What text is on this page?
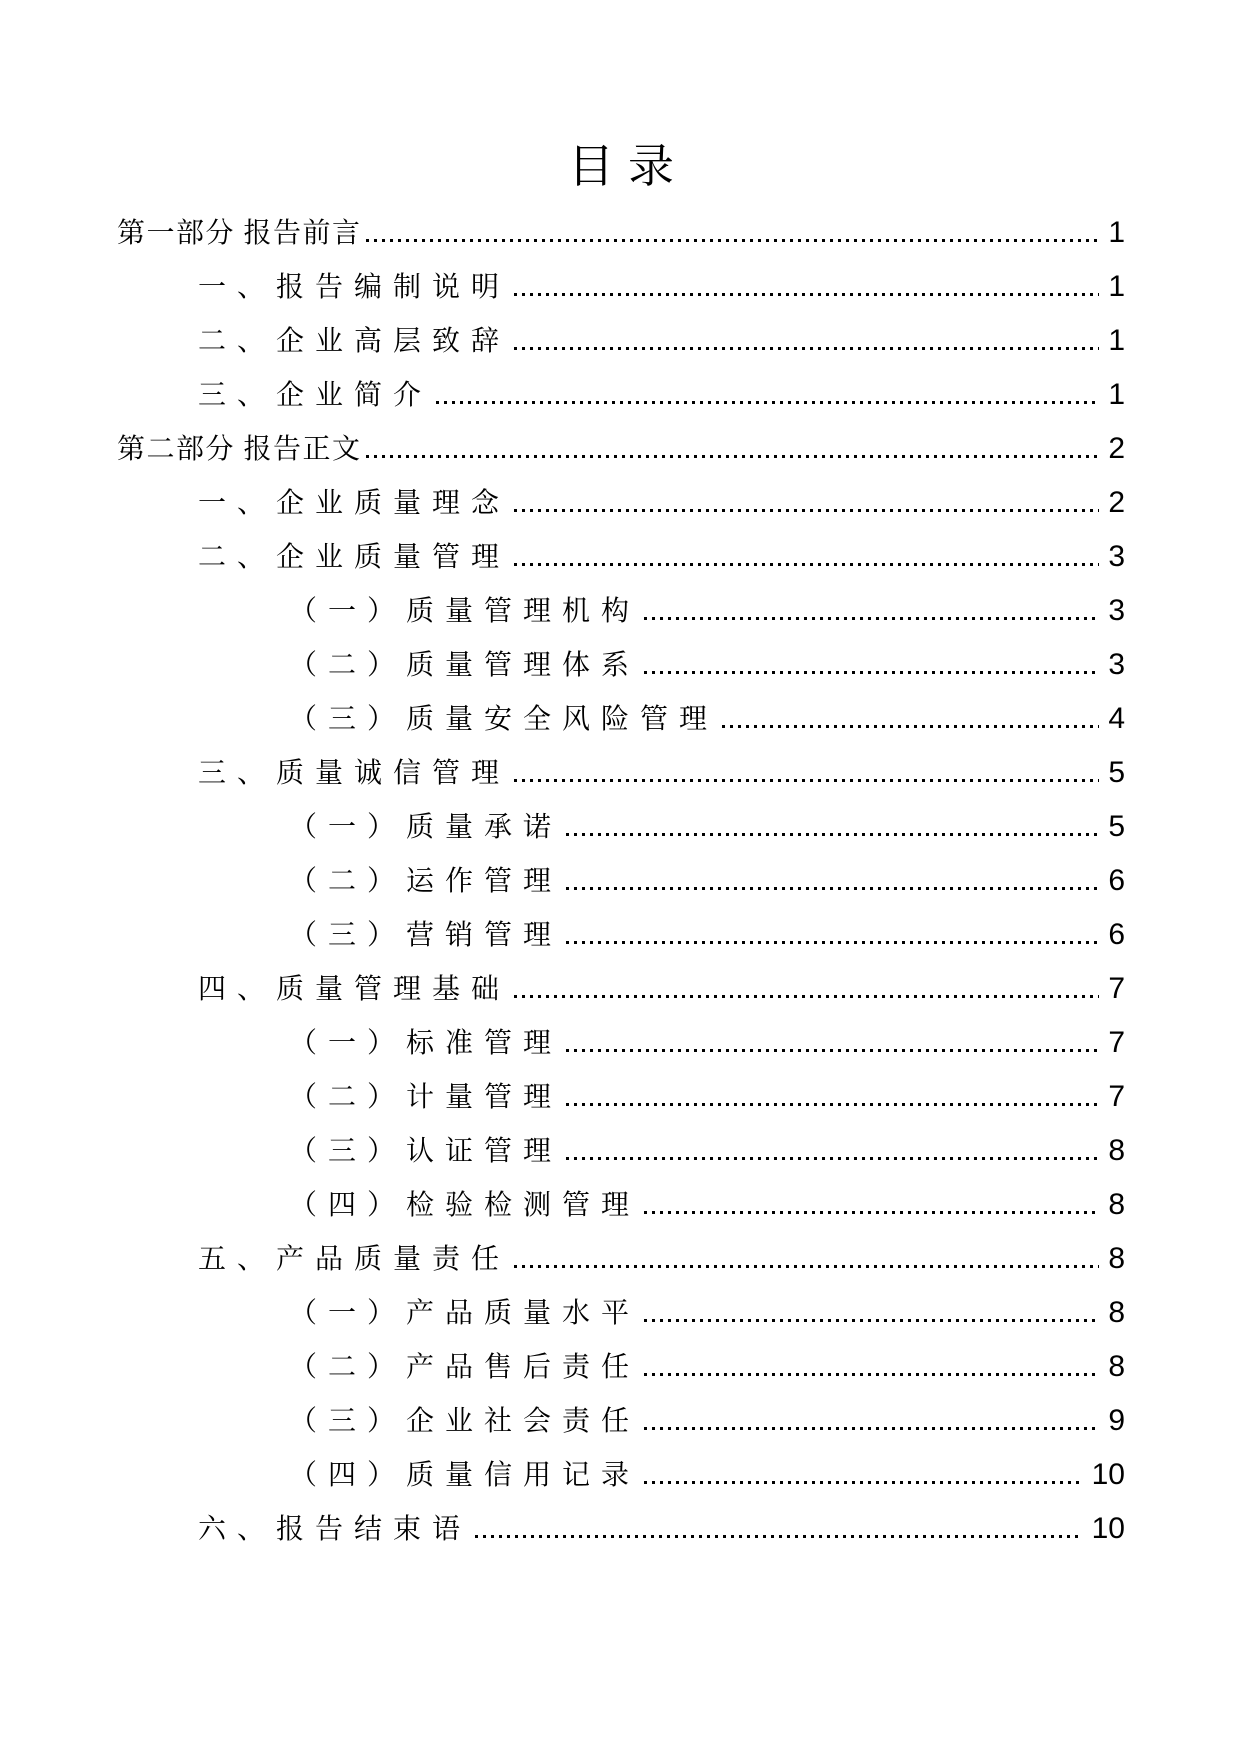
目录
第一部分 报告前言	1
一、报告编制说明	1
二、企业高层致辞	1
三、企业简介	1
第二部分 报告正文	2
一、企业质量理念	2
二、企业质量管理	3
（一）质量管理机构	3
（二）质量管理体系	3
（三）质量安全风险管理	4
三、质量诚信管理	5
（一）质量承诺	5
（二）运作管理	6
（三）营销管理	6
四、质量管理基础	7
（一）标准管理	7
（二）计量管理	7
（三）认证管理	8
（四）检验检测管理	8
五、产品质量责任	8
（一）产品质量水平	8
（二）产品售后责任	8
（三）企业社会责任	9
（四）质量信用记录	10
六、报告结束语	10
